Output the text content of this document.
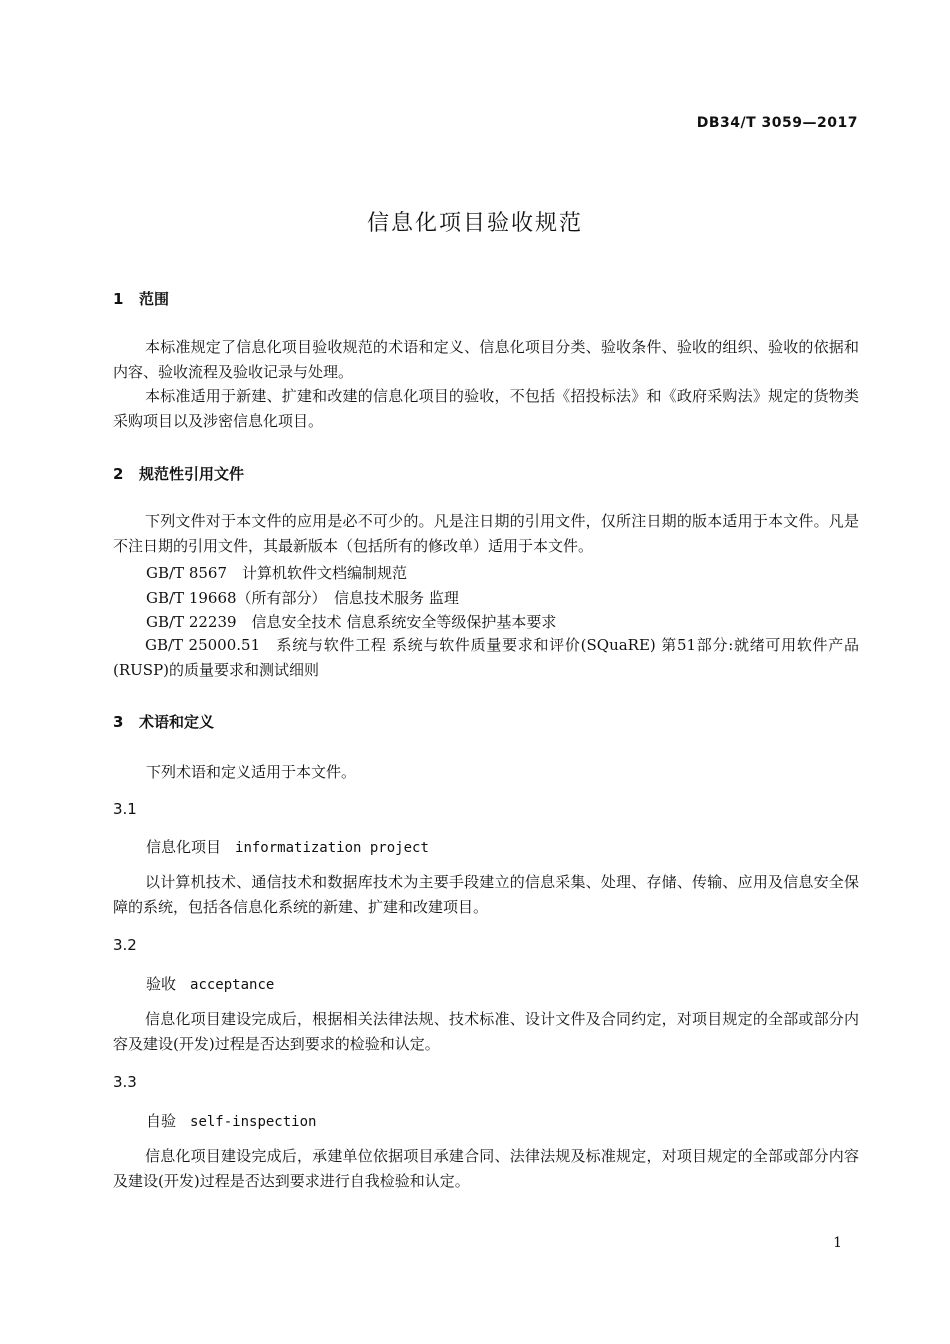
DB34/T 3059—2017
信息化项目验收规范
1 范围
本标准规定了信息化项目验收规范的术语和定义、信息化项目分类、验收条件、验收的组织、验收的依据和内容、验收流程及验收记录与处理。
本标准适用于新建、扩建和改建的信息化项目的验收，不包括《招投标法》和《政府采购法》规定的货物类采购项目以及涉密信息化项目。
2 规范性引用文件
下列文件对于本文件的应用是必不可少的。凡是注日期的引用文件，仅所注日期的版本适用于本文件。凡是不注日期的引用文件，其最新版本（包括所有的修改单）适用于本文件。
GB/T 8567　计算机软件文档编制规范
GB/T 19668（所有部分）　信息技术服务 监理
GB/T 22239　信息安全技术 信息系统安全等级保护基本要求
GB/T 25000.51　系统与软件工程 系统与软件质量要求和评价(SQuaRE) 第51部分:就绪可用软件产品(RUSP)的质量要求和测试细则
3 术语和定义
下列术语和定义适用于本文件。
3.1
信息化项目 informatization project
以计算机技术、通信技术和数据库技术为主要手段建立的信息采集、处理、存储、传输、应用及信息安全保障的系统，包括各信息化系统的新建、扩建和改建项目。
3.2
验收 acceptance
信息化项目建设完成后，根据相关法律法规、技术标准、设计文件及合同约定，对项目规定的全部或部分内容及建设(开发)过程是否达到要求的检验和认定。
3.3
自验 self-inspection
信息化项目建设完成后，承建单位依据项目承建合同、法律法规及标准规定，对项目规定的全部或部分内容及建设(开发)过程是否达到要求进行自我检验和认定。
1
